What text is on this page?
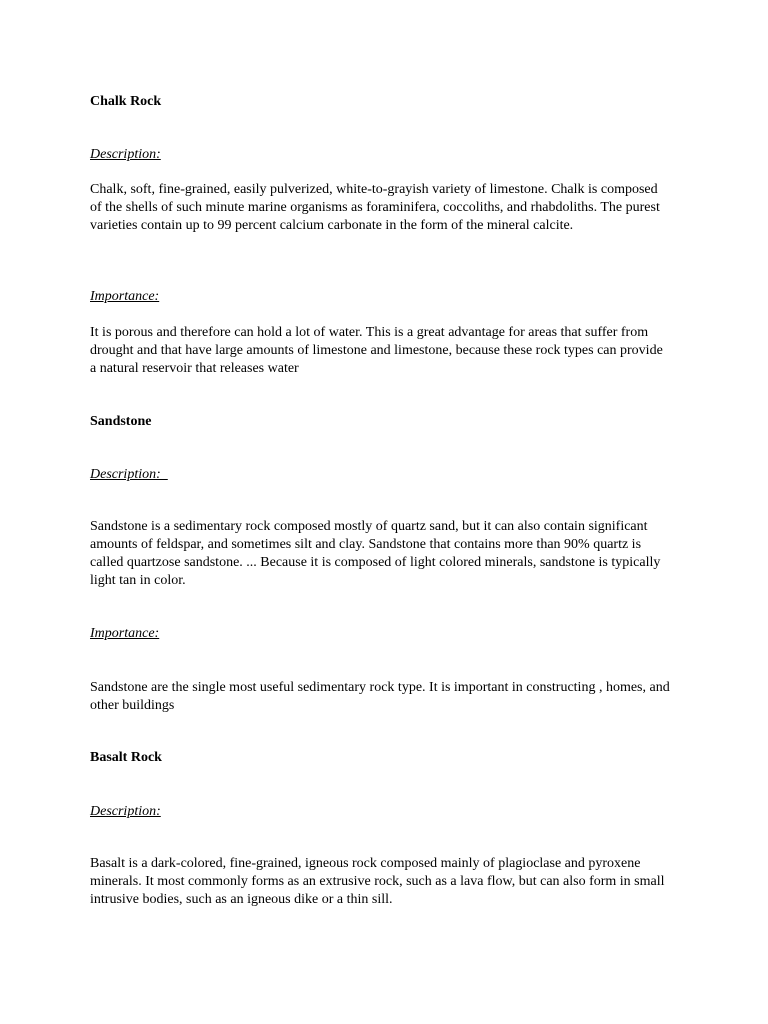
Chalk Rock

Description:

Chalk, soft, fine-grained, easily pulverized, white-to-grayish variety of limestone. Chalk is composed of the shells of such minute marine organisms as foraminifera, coccoliths, and rhabdoliths. The purest varieties contain up to 99 percent calcium carbonate in the form of the mineral calcite.

Importance:

It is porous and therefore can hold a lot of water. This is a great advantage for areas that suffer from drought and that have large amounts of limestone and limestone, because these rock types can provide a natural reservoir that releases water

Sandstone

Description:

Sandstone is a sedimentary rock composed mostly of quartz sand, but it can also contain significant amounts of feldspar, and sometimes silt and clay. Sandstone that contains more than 90% quartz is called quartzose sandstone. ... Because it is composed of light colored minerals, sandstone is typically light tan in color.

Importance:

Sandstone are the single most useful sedimentary rock type. It is important in constructing , homes, and other buildings

Basalt Rock

Description:

Basalt is a dark-colored, fine-grained, igneous rock composed mainly of plagioclase and pyroxene minerals. It most commonly forms as an extrusive rock, such as a lava flow, but can also form in small intrusive bodies, such as an igneous dike or a thin sill.
